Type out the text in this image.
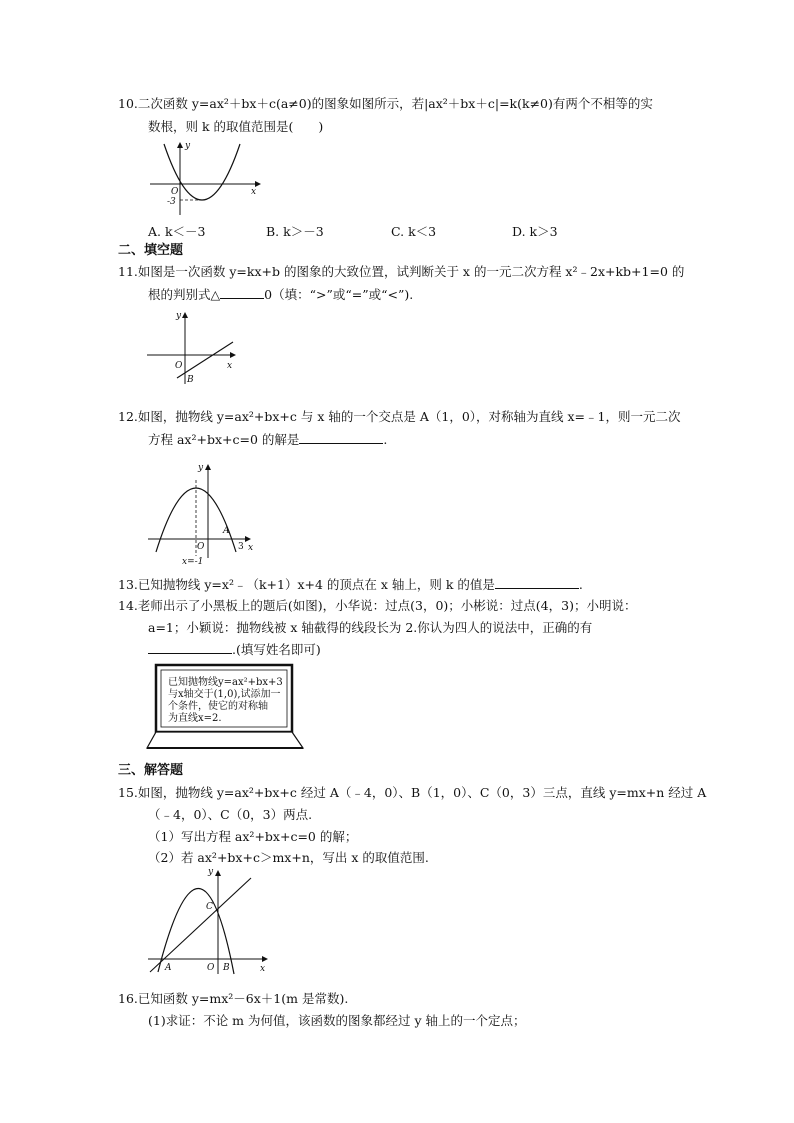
10.二次函数 y=ax²＋bx＋c(a≠0)的图象如图所示，若|ax²＋bx＋c|=k(k≠0)有两个不相等的实
数根，则 k 的取值范围是(　　)
y
x
O
-3
A. k＜－3	B. k＞－3	C. k＜3	D. k＞3
二、填空题
11.如图是一次函数 y=kx+b 的图象的大致位置，试判断关于 x 的一元二次方程 x²﹣2x+kb+1=0 的
根的判别式△	0（填：“>”或“=”或“<”).
y
x
O
B
12.如图，抛物线 y=ax²+bx+c 与 x 轴的一个交点是 A（1，0），对称轴为直线 x=﹣1，则一元二次
方程 ax²+bx+c=0 的解是	.
y
x
O
A
3
x=-1
13.已知抛物线 y=x²﹣（k+1）x+4 的顶点在 x 轴上，则 k 的值是	.
14.老师出示了小黑板上的题后(如图)，小华说：过点(3，0)；小彬说：过点(4，3)；小明说：
a=1；小颖说：抛物线被 x 轴截得的线段长为 2.你认为四人的说法中，正确的有
.(填写姓名即可)
已知抛物线y=ax²+bx+3
与x轴交于(1,0),试添加一
个条件，使它的对称轴
为直线x=2.
三、解答题
15.如图，抛物线 y=ax²+bx+c 经过 A（﹣4，0）、B（1，0）、C（0，3）三点，直线 y=mx+n 经过 A
（﹣4，0）、C（0，3）两点.
（1）写出方程 ax²+bx+c=0 的解；
（2）若 ax²+bx+c＞mx+n，写出 x 的取值范围.
y
x
O
A	B
C
16.已知函数 y=mx²－6x＋1(m 是常数).
(1)求证：不论 m 为何值，该函数的图象都经过 y 轴上的一个定点；
